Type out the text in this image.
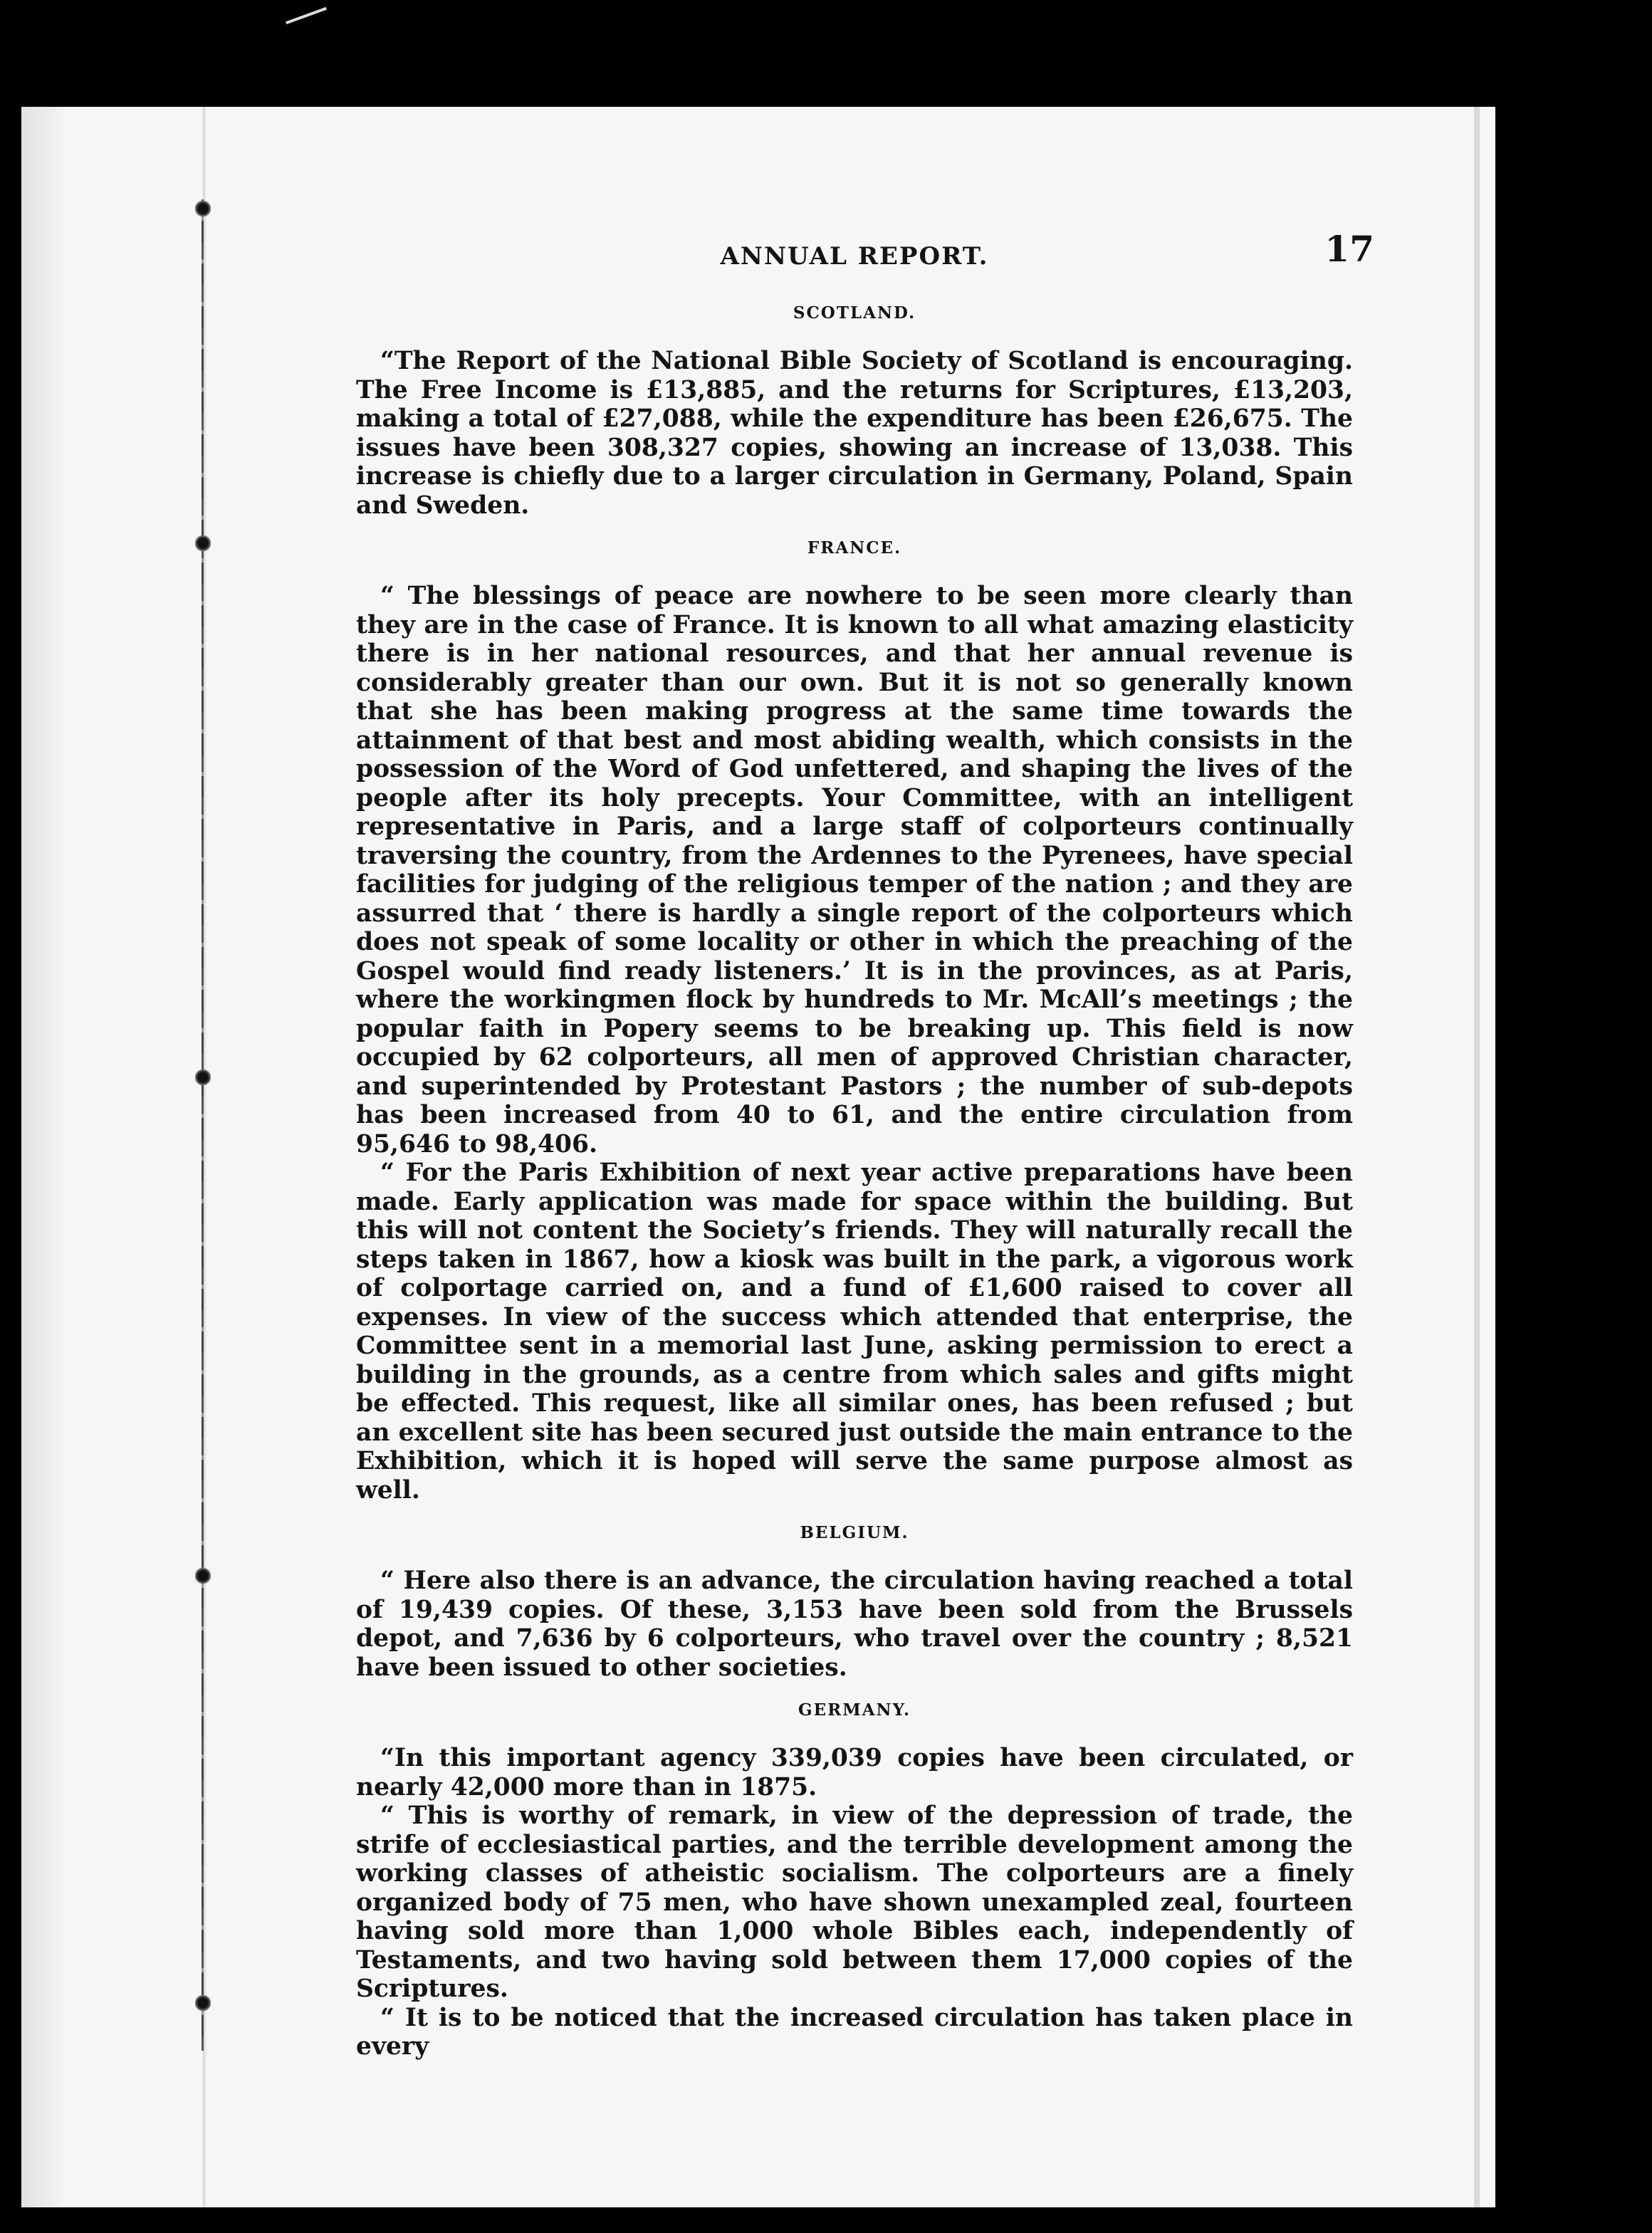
ANNUAL REPORT.	17
SCOTLAND.

“The Report of the National Bible Society of Scotland is encouraging. The Free Income is £13,885, and the returns for Scriptures, £13,203, making a total of £27,088, while the expenditure has been £26,675. The issues have been 308,327 copies, showing an increase of 13,038. This increase is chiefly due to a larger circulation in Germany, Poland, Spain and Sweden.

FRANCE.

“ The blessings of peace are nowhere to be seen more clearly than they are in the case of France. It is known to all what amazing elasticity there is in her national resources, and that her annual revenue is considerably greater than our own. But it is not so generally known that she has been making progress at the same time towards the attainment of that best and most abiding wealth, which consists in the possession of the Word of God unfettered, and shaping the lives of the people after its holy precepts. Your Committee, with an intelligent representative in Paris, and a large staff of colporteurs continually traversing the country, from the Ardennes to the Pyrenees, have special facilities for judging of the religious temper of the nation ; and they are assurred that ‘ there is hardly a single report of the colporteurs which does not speak of some locality or other in which the preaching of the Gospel would find ready listeners.’ It is in the provinces, as at Paris, where the workingmen flock by hundreds to Mr. McAll’s meetings ; the popular faith in Popery seems to be breaking up. This field is now occupied by 62 colporteurs, all men of approved Christian character, and superintended by Protestant Pastors ; the number of sub-depots has been increased from 40 to 61, and the entire circulation from 95,646 to 98,406.

“ For the Paris Exhibition of next year active preparations have been made. Early application was made for space within the building. But this will not content the Society’s friends. They will naturally recall the steps taken in 1867, how a kiosk was built in the park, a vigorous work of colportage carried on, and a fund of £1,600 raised to cover all expenses. In view of the success which attended that enterprise, the Committee sent in a memorial last June, asking permission to erect a building in the grounds, as a centre from which sales and gifts might be effected. This request, like all similar ones, has been refused ; but an excellent site has been secured just outside the main entrance to the Exhibition, which it is hoped will serve the same purpose almost as well.

BELGIUM.

“ Here also there is an advance, the circulation having reached a total of 19,439 copies. Of these, 3,153 have been sold from the Brussels depot, and 7,636 by 6 colporteurs, who travel over the country ; 8,521 have been issued to other societies.

GERMANY.

“In this important agency 339,039 copies have been circulated, or nearly 42,000 more than in 1875.

“ This is worthy of remark, in view of the depression of trade, the strife of ecclesiastical parties, and the terrible development among the working classes of atheistic socialism. The colporteurs are a finely organized body of 75 men, who have shown unexampled zeal, fourteen having sold more than 1,000 whole Bibles each, independently of Testaments, and two having sold between them 17,000 copies of the Scriptures.

“ It is to be noticed that the increased circulation has taken place in every
